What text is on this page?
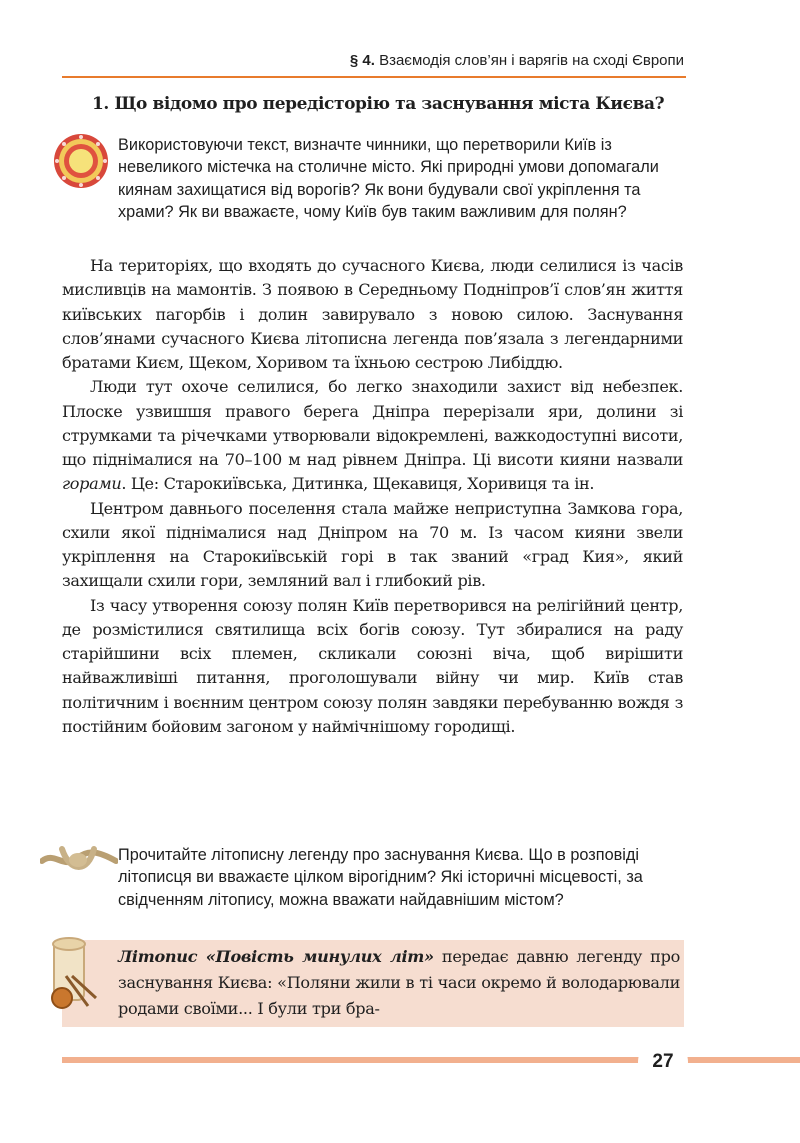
§ 4. Взаємодія слов’ян і варягів на сході Європи
1. Що відомо про передісторію та заснування міста Києва?
Використовуючи текст, визначте чинники, що перетворили Київ із невеликого містечка на столичне місто. Які природні умови допомагали киянам захищатися від ворогів? Як вони будували свої укріплення та храми? Як ви вважаєте, чому Київ був таким важливим для полян?

На територіях, що входять до сучасного Києва, люди селилися із часів мисливців на мамонтів. З появою в Середньому Подніпров’ї слов’ян життя київських пагорбів і долин завирувало з новою силою. Заснування слов’янами сучасного Києва літописна легенда пов’язала з легендарними братами Києм, Щеком, Хоривом та їхньою сестрою Либіддю.

Люди тут охоче селилися, бо легко знаходили захист від небезпек. Плоске узвишшя правого берега Дніпра перерізали яри, долини зі струмками та річечками утворювали відокремлені, важкодоступні висоти, що піднімалися на 70–100 м над рівнем Дніпра. Ці висоти кияни назвали горами. Це: Старокиївська, Дитинка, Щекавиця, Хоривиця та ін.

Центром давнього поселення стала майже неприступна Замкова гора, схили якої піднімалися над Дніпром на 70 м. Із часом кияни звели укріплення на Старокиївській горі в так званий «град Кия», який захищали схили гори, земляний вал і глибокий рів.

Із часу утворення союзу полян Київ перетворився на релігійний центр, де розмістилися святилища всіх богів союзу. Тут збиралися на раду старійшини всіх племен, скликали союзні віча, щоб вирішити найважливіші питання, проголошували війну чи мир. Київ став політичним і воєнним центром союзу полян завдяки перебуванню вождя з постійним бойовим загоном у наймічнішому городищі.

Прочитайте літописну легенду про заснування Києва. Що в розповіді літописця ви вважаєте цілком вірогідним? Які історичні місцевості, за свідченням літопису, можна вважати найдавнішим містом?
Літопис «Повість минулих літ» передає давню легенду про заснування Києва: «Поляни жили в ті часи окремо й володарювали родами своїми... І були три бра-
27
